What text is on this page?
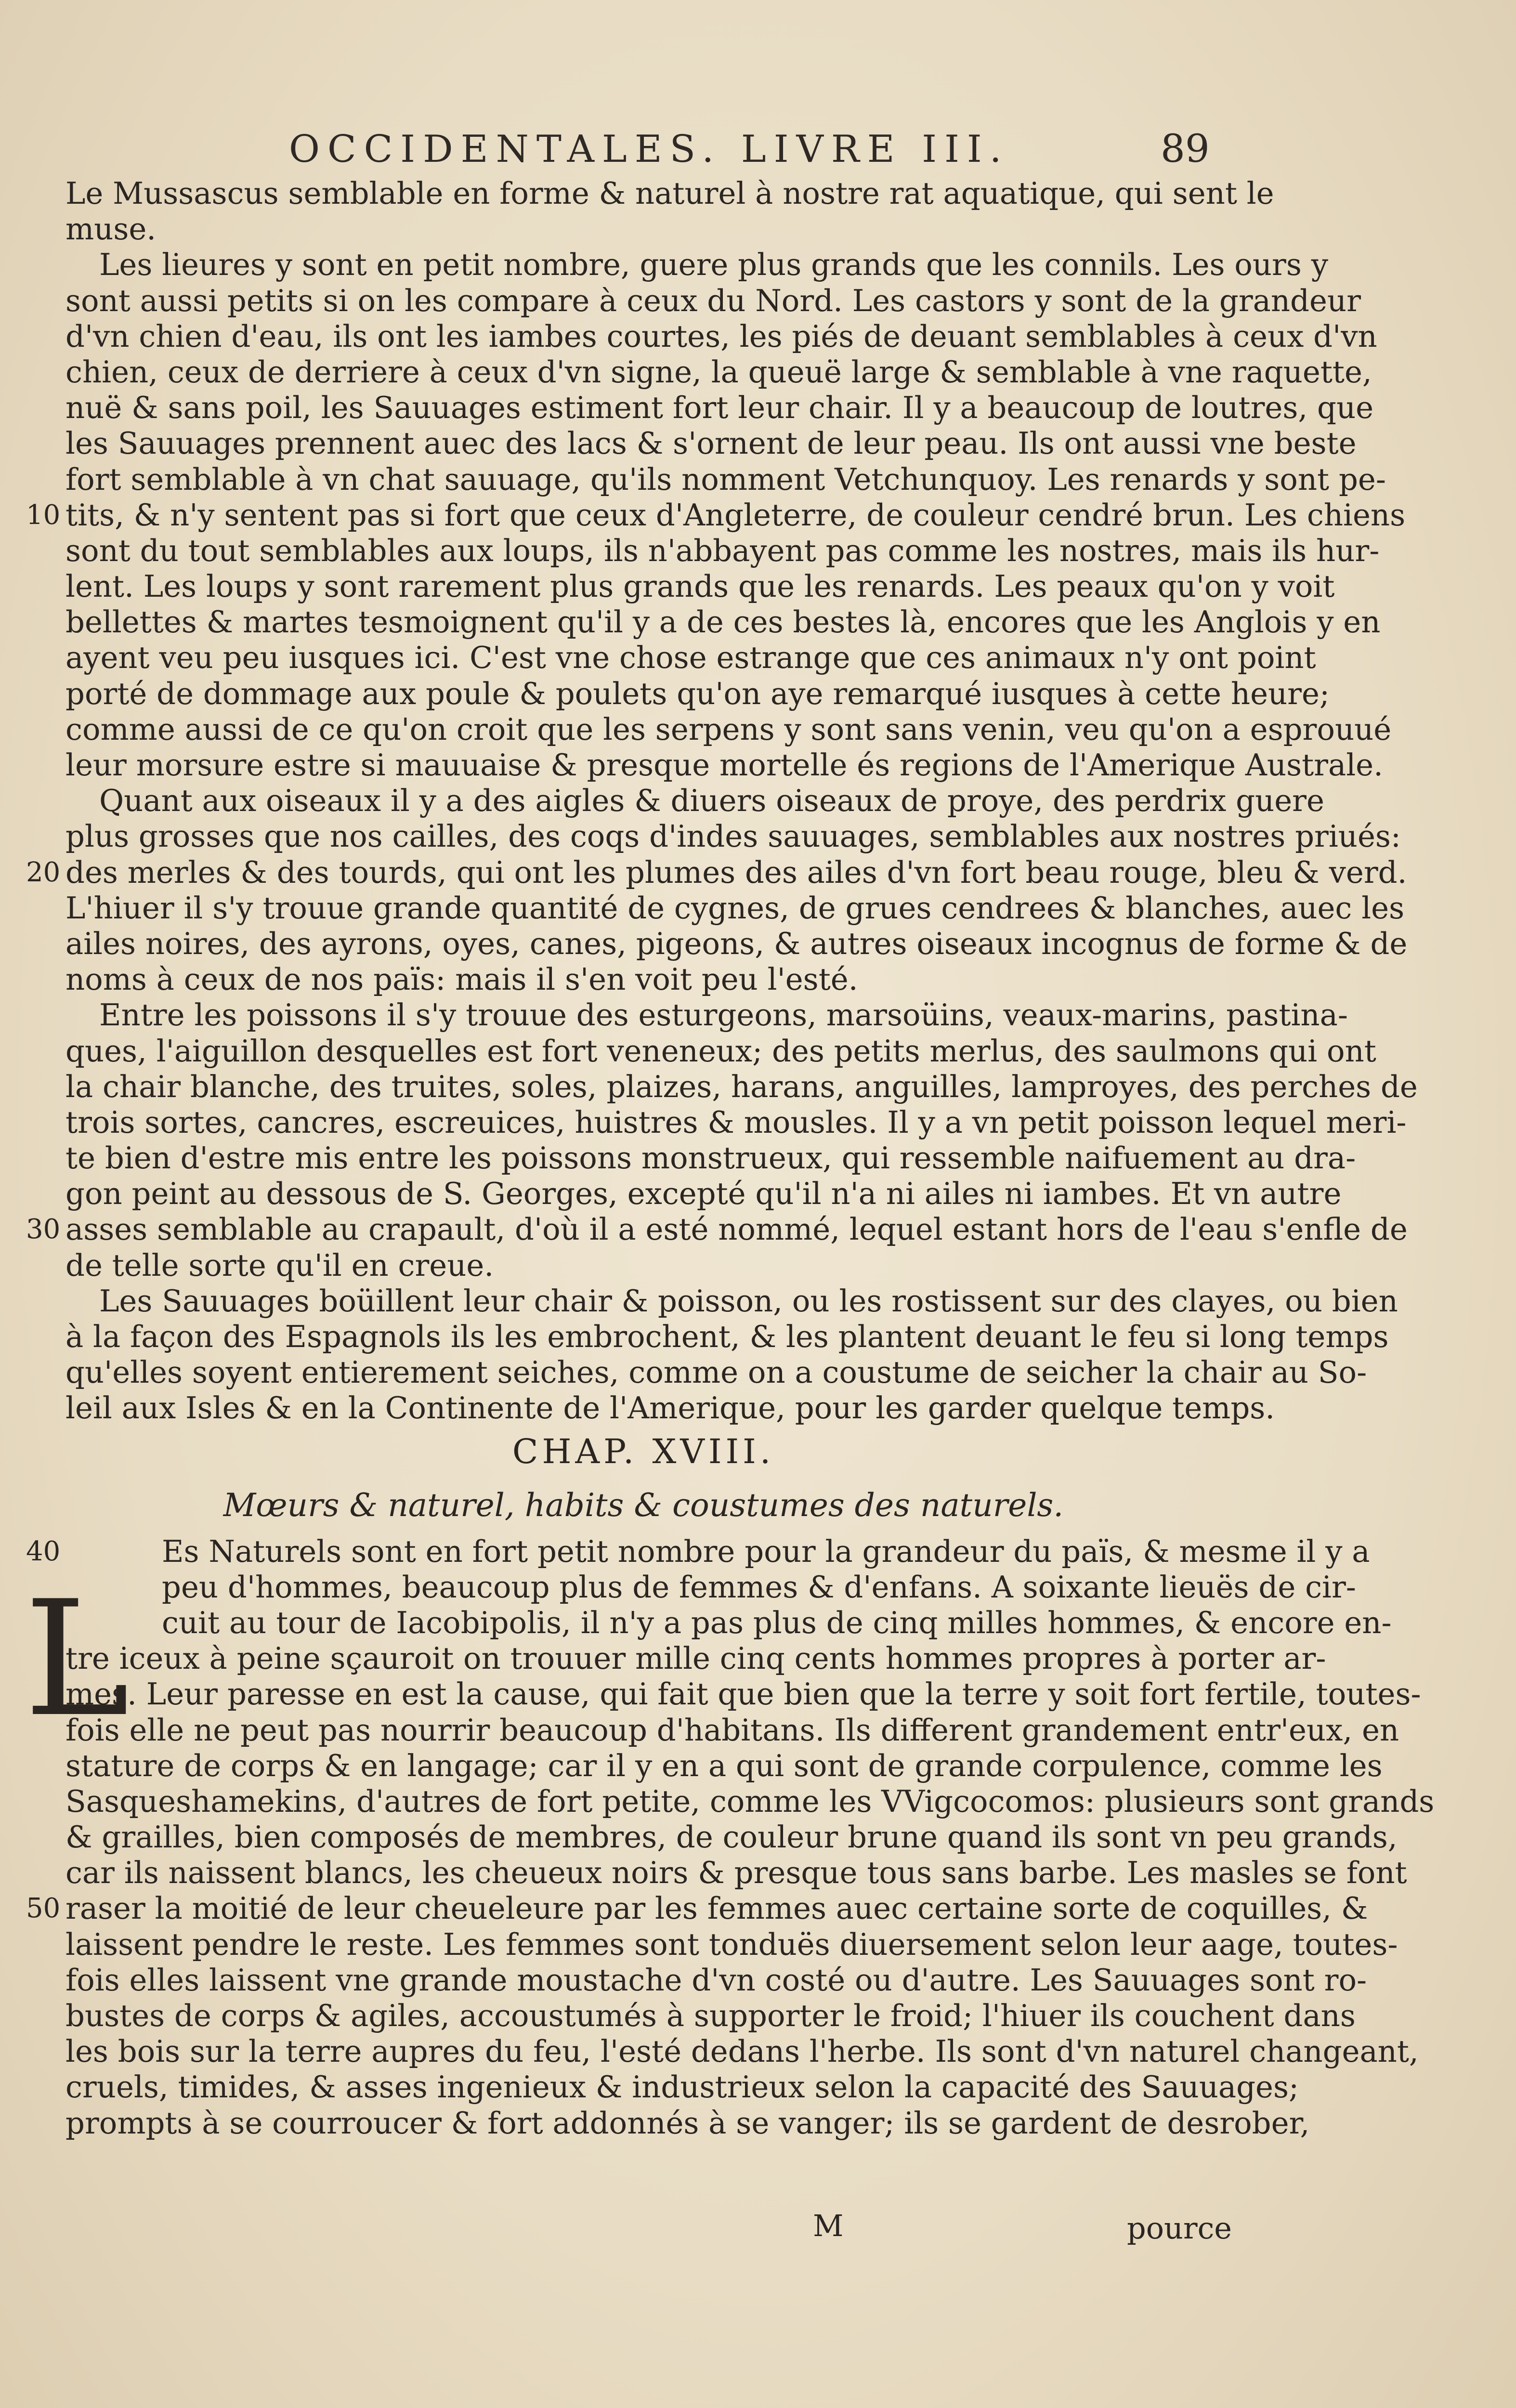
OCCIDENTALES. LIVRE III.	89
Le Mussascus semblable en forme & naturel à nostre rat aquatique, qui sent le
muse.
Les lieures y sont en petit nombre, guere plus grands que les connils. Les ours y
sont aussi petits si on les compare à ceux du Nord. Les castors y sont de la grandeur
d'vn chien d'eau, ils ont les iambes courtes, les piés de deuant semblables à ceux d'vn
chien, ceux de derriere à ceux d'vn signe, la queuë large & semblable à vne raquette,
nuë & sans poil, les Sauuages estiment fort leur chair. Il y a beaucoup de loutres, que
les Sauuages prennent auec des lacs & s'ornent de leur peau. Ils ont aussi vne beste
fort semblable à vn chat sauuage, qu'ils nomment Vetchunquoy. Les renards y sont pe-
tits, & n'y sentent pas si fort que ceux d'Angleterre, de couleur cendré brun. Les chiens
10
sont du tout semblables aux loups, ils n'abbayent pas comme les nostres, mais ils hur-
lent. Les loups y sont rarement plus grands que les renards. Les peaux qu'on y voit
bellettes & martes tesmoignent qu'il y a de ces bestes là, encores que les Anglois y en
ayent veu peu iusques ici. C'est vne chose estrange que ces animaux n'y ont point
porté de dommage aux poule & poulets qu'on aye remarqué iusques à cette heure;
comme aussi de ce qu'on croit que les serpens y sont sans venin, veu qu'on a esprouué
leur morsure estre si mauuaise & presque mortelle és regions de l'Amerique Australe.
Quant aux oiseaux il y a des aigles & diuers oiseaux de proye, des perdrix guere
plus grosses que nos cailles, des coqs d'indes sauuages, semblables aux nostres priués:
des merles & des tourds, qui ont les plumes des ailes d'vn fort beau rouge, bleu & verd.
20
L'hiuer il s'y trouue grande quantité de cygnes, de grues cendrees & blanches, auec les
ailes noires, des ayrons, oyes, canes, pigeons, & autres oiseaux incognus de forme & de
noms à ceux de nos païs: mais il s'en voit peu l'esté.
Entre les poissons il s'y trouue des esturgeons, marsoüins, veaux-marins, pastina-
ques, l'aiguillon desquelles est fort veneneux; des petits merlus, des saulmons qui ont
la chair blanche, des truites, soles, plaizes, harans, anguilles, lamproyes, des perches de
trois sortes, cancres, escreuices, huistres & mousles. Il y a vn petit poisson lequel meri-
te bien d'estre mis entre les poissons monstrueux, qui ressemble naifuement au dra-
gon peint au dessous de S. Georges, excepté qu'il n'a ni ailes ni iambes. Et vn autre
asses semblable au crapault, d'où il a esté nommé, lequel estant hors de l'eau s'enfle de
30
de telle sorte qu'il en creue.
Les Sauuages boüillent leur chair & poisson, ou les rostissent sur des clayes, ou bien
à la façon des Espagnols ils les embrochent, & les plantent deuant le feu si long temps
qu'elles soyent entierement seiches, comme on a coustume de seicher la chair au So-
leil aux Isles & en la Continente de l'Amerique, pour les garder quelque temps.
CHAP. XVIII.
Mœurs & naturel, habits & coustumes des naturels.
Es Naturels sont en fort petit nombre pour la grandeur du païs, & mesme il y a
40
peu d'hommes, beaucoup plus de femmes & d'enfans. A soixante lieuës de cir-
cuit au tour de Iacobipolis, il n'y a pas plus de cinq milles hommes, & encore en-
tre iceux à peine sçauroit on trouuer mille cinq cents hommes propres à porter ar-
mes. Leur paresse en est la cause, qui fait que bien que la terre y soit fort fertile, toutes-
fois elle ne peut pas nourrir beaucoup d'habitans. Ils different grandement entr'eux, en
stature de corps & en langage; car il y en a qui sont de grande corpulence, comme les
Sasqueshamekins, d'autres de fort petite, comme les VVigcocomos: plusieurs sont grands
& grailles, bien composés de membres, de couleur brune quand ils sont vn peu grands,
car ils naissent blancs, les cheueux noirs & presque tous sans barbe. Les masles se font
raser la moitié de leur cheueleure par les femmes auec certaine sorte de coquilles, &
50
laissent pendre le reste. Les femmes sont tonduës diuersement selon leur aage, toutes-
fois elles laissent vne grande moustache d'vn costé ou d'autre. Les Sauuages sont ro-
bustes de corps & agiles, accoustumés à supporter le froid; l'hiuer ils couchent dans
les bois sur la terre aupres du feu, l'esté dedans l'herbe. Ils sont d'vn naturel changeant,
cruels, timides, & asses ingenieux & industrieux selon la capacité des Sauuages;
prompts à se courroucer & fort addonnés à se vanger; ils se gardent de desrober,
L
M	pource
